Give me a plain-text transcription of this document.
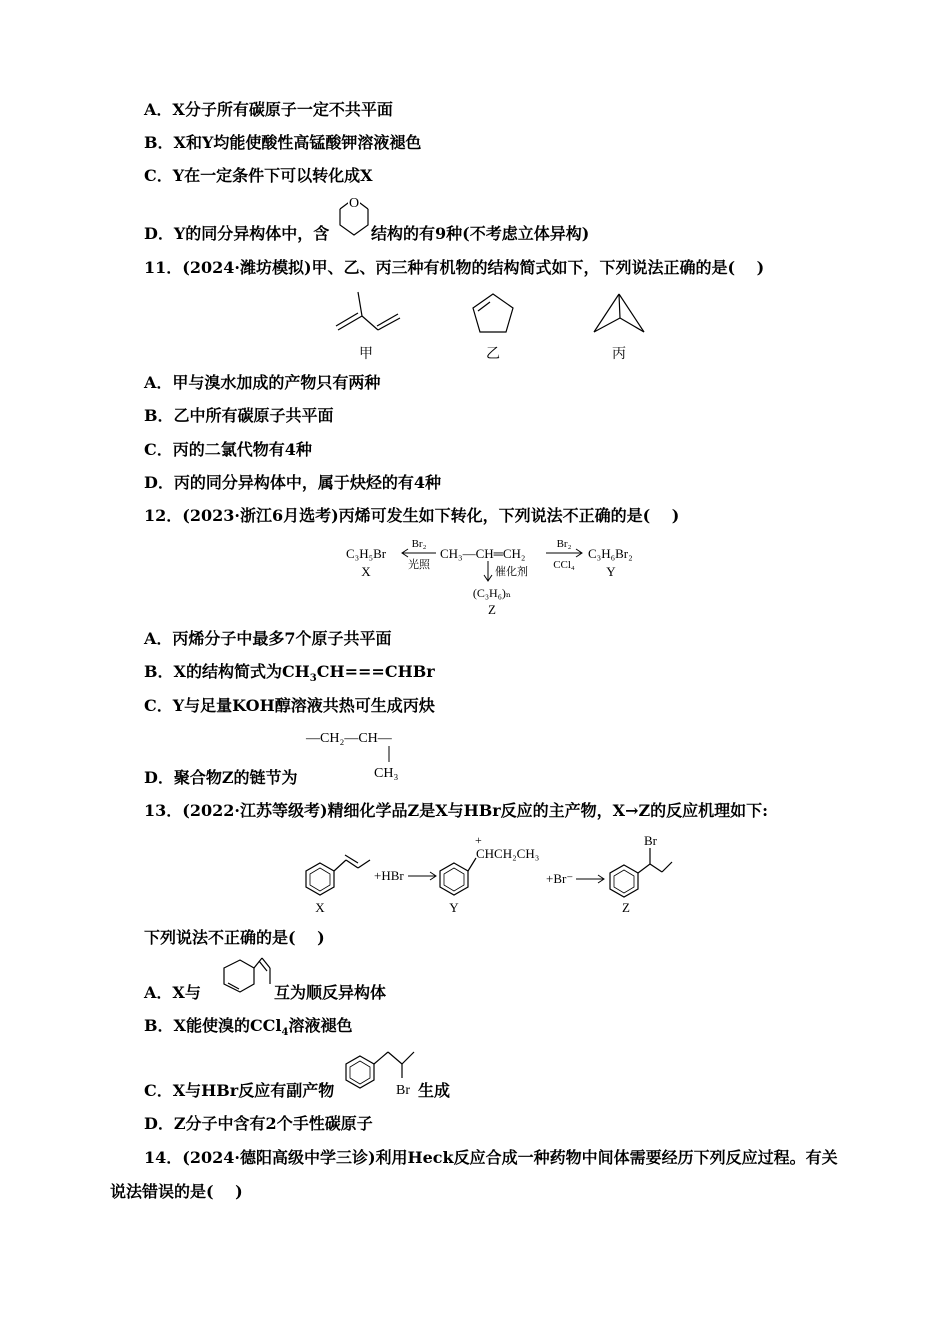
A．X分子所有碳原子一定不共平面
B．X和Y均能使酸性高锰酸钾溶液褪色
C．Y在一定条件下可以转化成X
D．Y的同分异构体中，含
O
结构的有9种(不考虑立体异构)
11．(2024·潍坊模拟)甲、乙、丙三种有机物的结构简式如下，下列说法正确的是(　 )
甲	乙	丙
A．甲与溴水加成的产物只有两种
B．乙中所有碳原子共平面
C．丙的二氯代物有4种
D．丙的同分异构体中，属于炔烃的有4种
12．(2023·浙江6月选考)丙烯可发生如下转化，下列说法不正确的是(　 )
C₃H₅Br
X
Br₂
光照
CH₃—CH═CH₂
Br₂
CCl₄
C₃H₆Br₂
Y
催化剂
(C₃H₆)ₙ
Z
A．丙烯分子中最多7个原子共平面
B．X的结构简式为$CH_3CH===CHBr$
C．Y与足量KOH醇溶液共热可生成丙炔
—CH₂—CH—
CH₃
D．聚合物Z的链节为
13．(2022·江苏等级考)精细化学品Z是X与HBr反应的主产物，X→Z的反应机理如下:
X
+HBr
+
CHCH₂CH₃
Y
+Br⁻
Br
Z
下列说法不正确的是(　 )
A．X与	互为顺反异构体
B．X能使溴的CCl$_4$溶液褪色
C．X与HBr反应有副产物	Br 生成
D．Z分子中含有2个手性碳原子
14．(2024·德阳高级中学三诊)利用Heck反应合成一种药物中间体需要经历下列反应过程。有关
说法错误的是(　 )
